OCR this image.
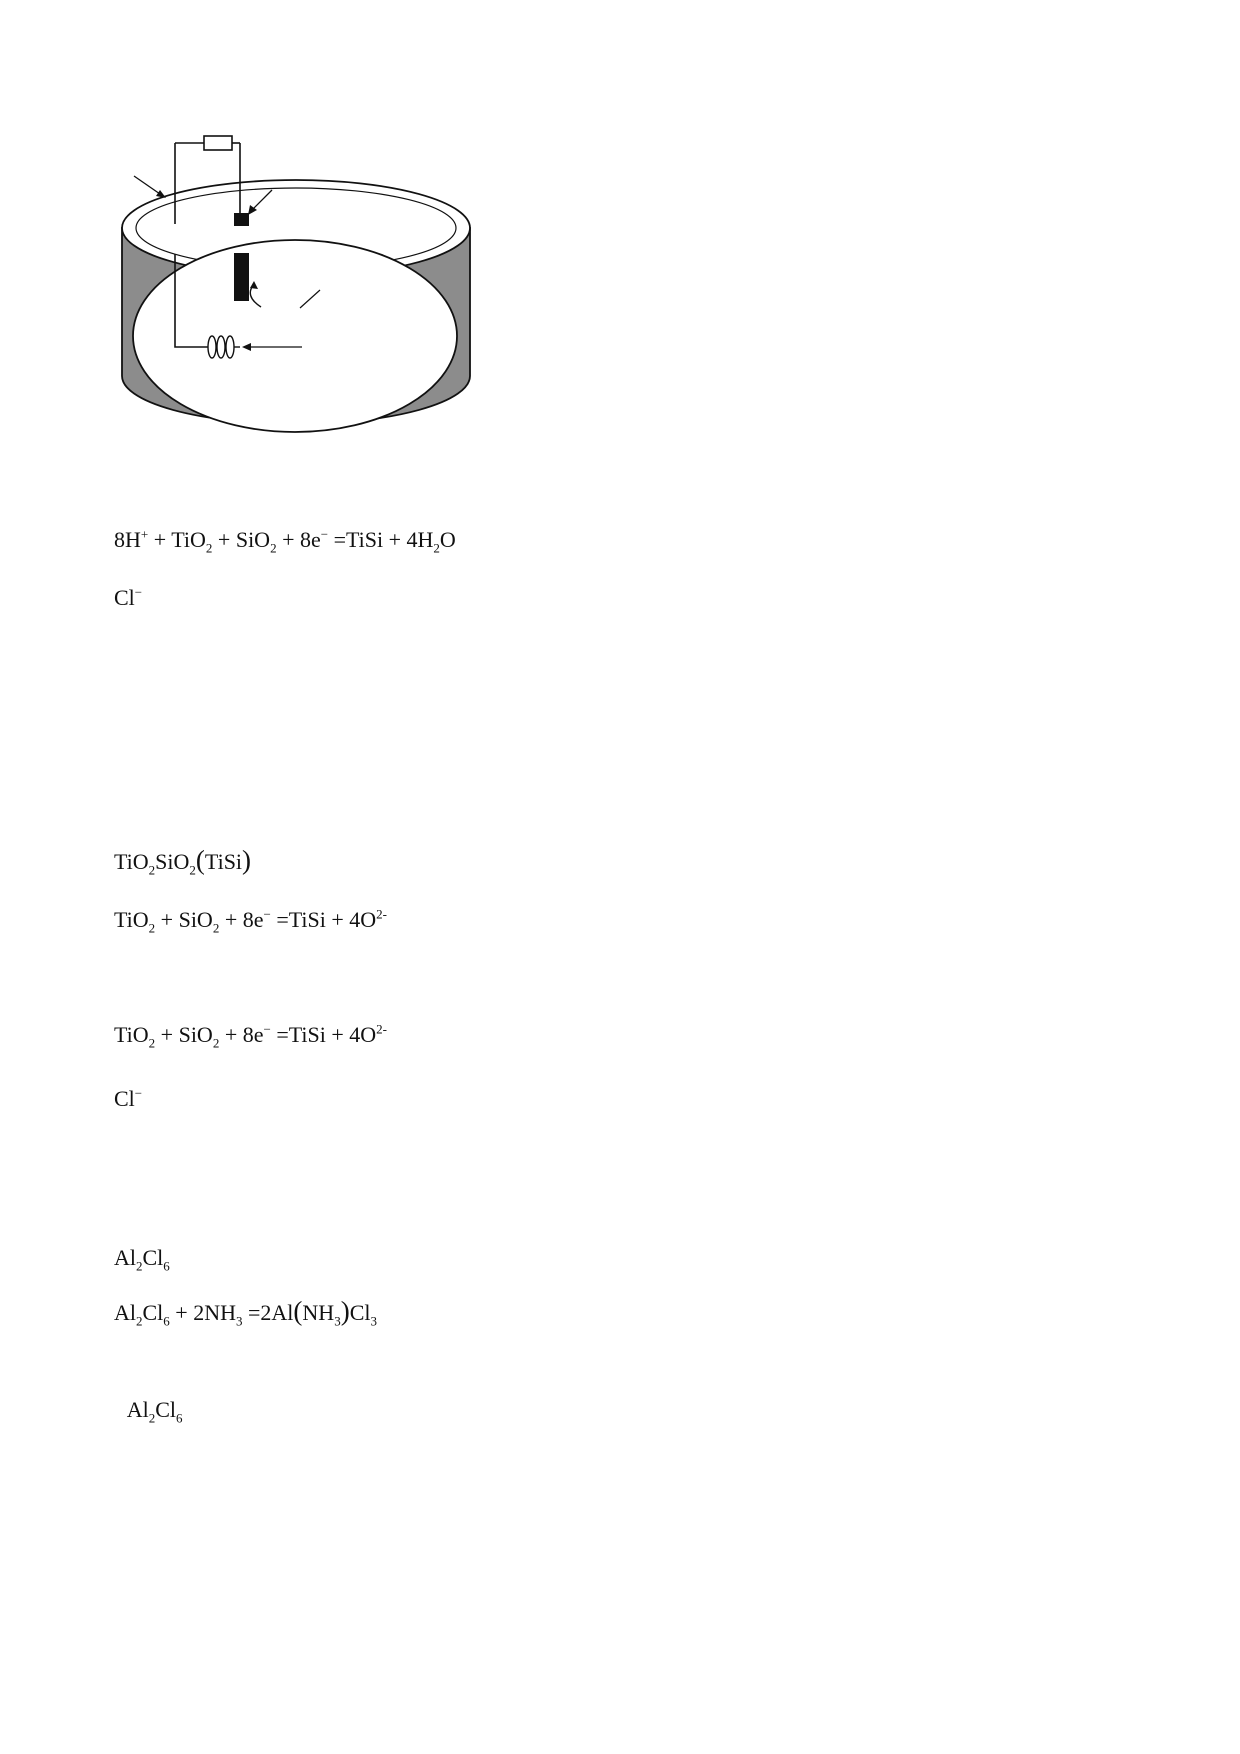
8H+ + TiO$_2$ + SiO$_2$ + 8e− =TiSi + $4H_2O$
Cl−
TiO$_2$SiO$_2$(TiSi)
TiO$_2$ + SiO$_2$ + 8e− =TiSi + $4O^{2-}$
TiO$_2$ + SiO$_2$ + 8e− =TiSi + $4O^{2-}$
Cl−
$Al_2Cl_6$
$Al_2Cl_6 + 2NH_3 =2Al(NH_3)Cl_3$
$Al_2Cl_6$
